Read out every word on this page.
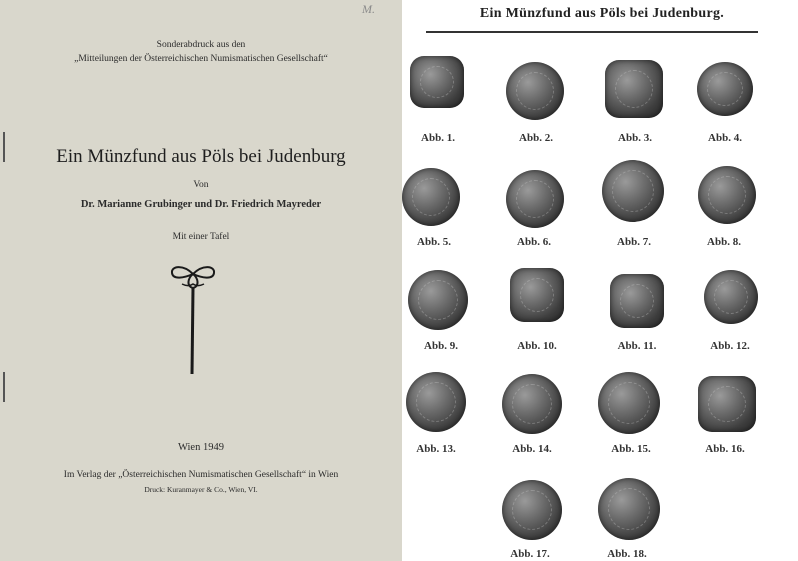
M.
Sonderabdruck aus den
„Mitteilungen der Österreichischen Numismatischen Gesellschaft“
Ein Münzfund aus Pöls bei Judenburg
Von
Dr. Marianne Grubinger und Dr. Friedrich Mayreder
Mit einer Tafel
Wien 1949
Im Verlag der „Österreichischen Numismatischen Gesellschaft“ in Wien
Druck: Kuranmayer & Co., Wien, VI.
Ein Münzfund aus Pöls bei Judenburg.
Abb. 1.	Abb. 2.	Abb. 3.	Abb. 4.
Abb. 5.	Abb. 6.	Abb. 7.	Abb. 8.
Abb. 9.	Abb. 10.	Abb. 11.	Abb. 12.
Abb. 13.	Abb. 14.	Abb. 15.	Abb. 16.
Abb. 17.	Abb. 18.
